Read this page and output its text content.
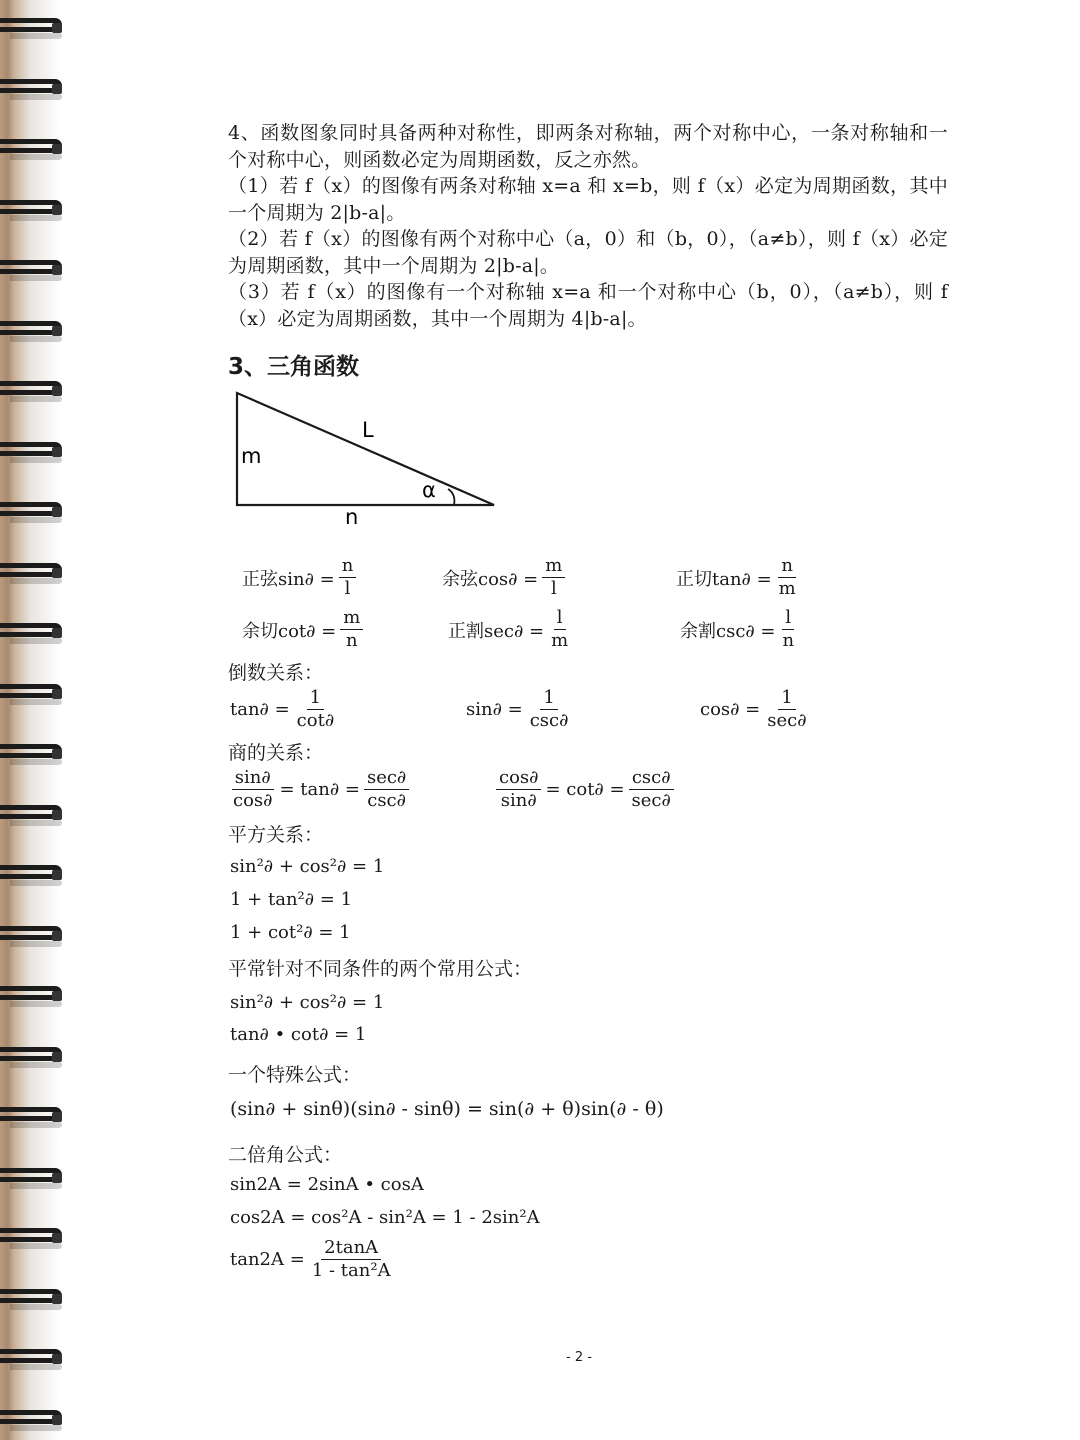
4、函数图象同时具备两种对称性，即两条对称轴，两个对称中心，一条对称轴和一个对称中心，则函数必定为周期函数，反之亦然。

（1）若 f（x）的图像有两条对称轴 x=a 和 x=b，则 f（x）必定为周期函数，其中一个周期为 2|b-a|。

（2）若 f（x）的图像有两个对称中心（a，0）和（b，0），（a≠b），则 f（x）必定为周期函数，其中一个周期为 2|b-a|。

（3）若 f（x）的图像有一个对称轴 x=a 和一个对称中心（b，0），（a≠b），则 f（x）必定为周期函数，其中一个周期为 4|b-a|。

3、三角函数
L
m
α
n
正弦$\sin\partial = \frac{n}{l}$	余弦$\cos\partial = \frac{m}{l}$	正切$\tan\partial = \frac{n}{m}$
余切$\cot\partial = \frac{m}{n}$	正割$\sec\partial = \frac{l}{m}$	余割$\csc\partial = \frac{l}{n}$
倒数关系：
$\tan\partial = \frac{1}{\cot\partial}$	$\sin\partial = \frac{1}{\csc\partial}$	$\cos\partial = \frac{1}{\sec\partial}$
商的关系：
$\frac{\sin\partial}{\cos\partial} = \tan\partial = \frac{\sec\partial}{\csc\partial}$	$\frac{\cos\partial}{\sin\partial} = \cot\partial = \frac{\csc\partial}{\sec\partial}$
平方关系：
sin²∂ + cos²∂ = 1
1 + tan²∂ = 1
1 + cot²∂ = 1
平常针对不同条件的两个常用公式：
sin²∂ + cos²∂ = 1
tan∂ • cot∂ = 1
一个特殊公式：
(sin∂ + sinθ)(sin∂ - sinθ) = sin(∂ + θ)sin(∂ - θ)
二倍角公式：
sin2A = 2sinA • cosA
cos2A = cos²A - sin²A = 1 - 2sin²A
$\tan 2A = \frac{2\tan A}{\text{1 - tan²A}}$
- 2 -
